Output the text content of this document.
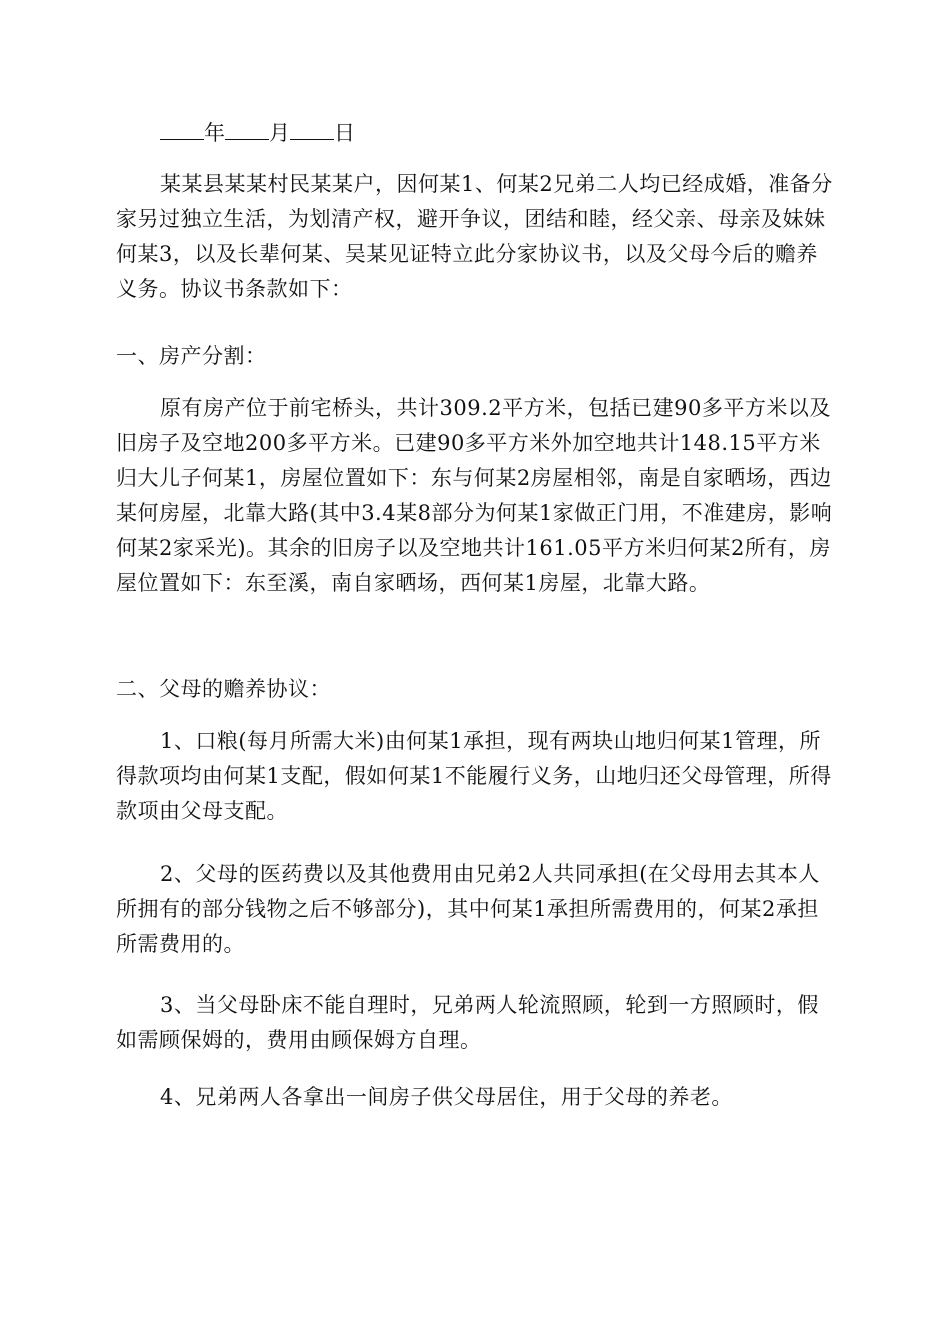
年 月 日

某某县某某村民某某户，因何某1、何某2兄弟二人均已经成婚，准备分家另过独立生活，为划清产权，避开争议，团结和睦，经父亲、母亲及妹妹何某3，以及长辈何某、吴某见证特立此分家协议书，以及父母今后的赡养义务。协议书条款如下：

一、房产分割：

原有房产位于前宅桥头，共计309.2平方米，包括已建90多平方米以及旧房子及空地200多平方米。已建90多平方米外加空地共计148.15平方米归大儿子何某1，房屋位置如下：东与何某2房屋相邻，南是自家晒场，西边某何房屋，北靠大路(其中3.4某8部分为何某1家做正门用，不准建房，影响何某2家采光)。其余的旧房子以及空地共计161.05平方米归何某2所有，房屋位置如下：东至溪，南自家晒场，西何某1房屋，北靠大路。

二、父母的赡养协议：

1、口粮(每月所需大米)由何某1承担，现有两块山地归何某1管理，所得款项均由何某1支配，假如何某1不能履行义务，山地归还父母管理，所得款项由父母支配。

2、父母的医药费以及其他费用由兄弟2人共同承担(在父母用去其本人所拥有的部分钱物之后不够部分)，其中何某1承担所需费用的，何某2承担所需费用的。

3、当父母卧床不能自理时，兄弟两人轮流照顾，轮到一方照顾时，假如需顾保姆的，费用由顾保姆方自理。

4、兄弟两人各拿出一间房子供父母居住，用于父母的养老。
